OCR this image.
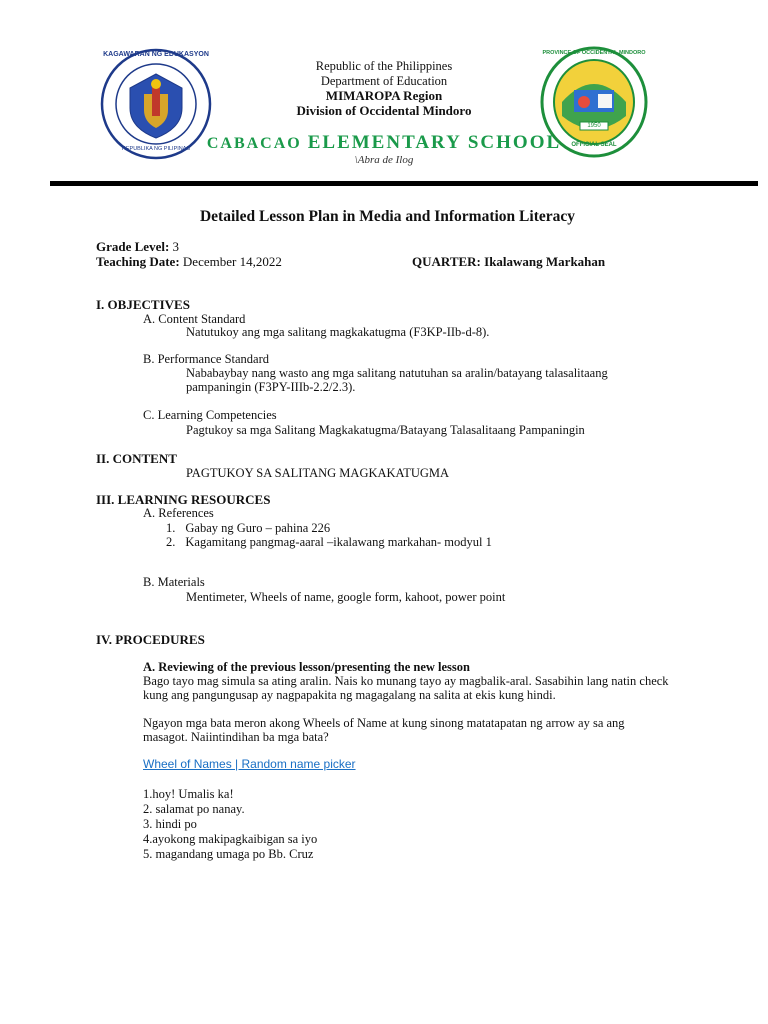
KAGAWARAN NG EDUKASYON
REPUBLIKA NG PILIPINAS
1950
PROVINCE OF OCCIDENTAL MINDORO
OFFICIAL SEAL
Republic of the Philippines
Department of Education
MIMAROPA Region
Division of Occidental Mindoro
CABACAO ELEMENTARY SCHOOL
\Abra de Ilog
Detailed Lesson Plan in Media and Information Literacy
Grade Level: 3
Teaching Date: December 14,2022	QUARTER: Ikalawang Markahan
I. OBJECTIVES
A. Content Standard
Natutukoy ang mga salitang magkakatugma (F3KP-IIb-d-8).
B. Performance Standard
Nababaybay nang wasto ang mga salitang natutuhan sa aralin/batayang talasalitaang
pampaningin (F3PY-IIIb-2.2/2.3).
C. Learning Competencies
Pagtukoy sa mga Salitang Magkakatugma/Batayang Talasalitaang Pampaningin
II. CONTENT
PAGTUKOY SA SALITANG MAGKAKATUGMA
III. LEARNING RESOURCES
A. References
1. Gabay ng Guro – pahina 226
2. Kagamitang pangmag-aaral –ikalawang markahan- modyul 1
B. Materials
Mentimeter, Wheels of name, google form, kahoot, power point
IV. PROCEDURES
A. Reviewing of the previous lesson/presenting the new lesson
Bago tayo mag simula sa ating aralin. Nais ko munang tayo ay magbalik-aral. Sasabihin lang natin check
kung ang pangungusap ay nagpapakita ng magagalang na salita at ekis kung hindi.
Ngayon mga bata meron akong Wheels of Name at kung sinong matatapatan ng arrow ay sa ang
masagot. Naiintindihan ba mga bata?
Wheel of Names | Random name picker
1.hoy! Umalis ka!
2. salamat po nanay.
3. hindi po
4.ayokong makipagkaibigan sa iyo
5. magandang umaga po Bb. Cruz
